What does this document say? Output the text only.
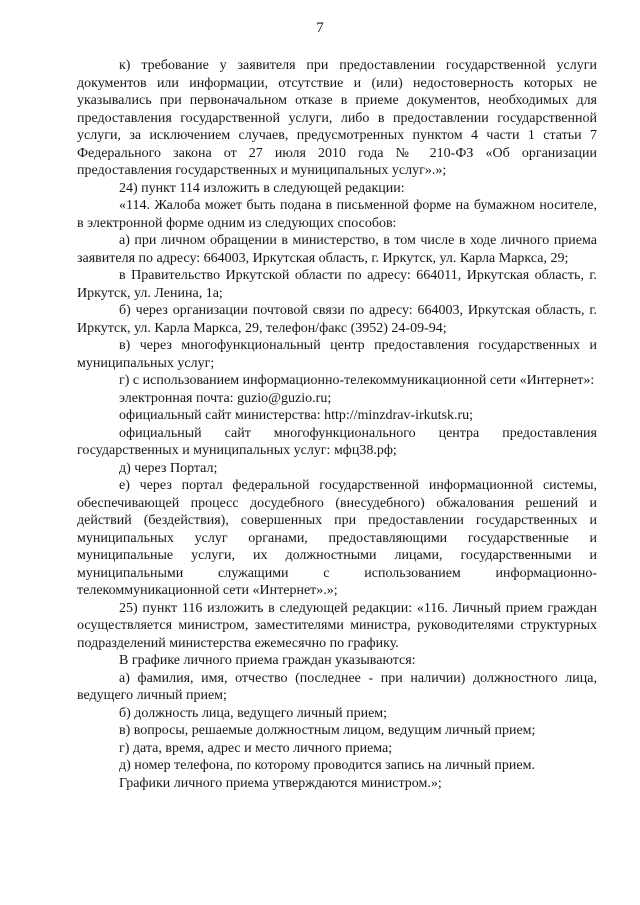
7

к) требование у заявителя при предоставлении государственной услуги документов или информации, отсутствие и (или) недостоверность которых не указывались при первоначальном отказе в приеме документов, необходимых для предоставления государственной услуги, либо в предоставлении государственной услуги, за исключением случаев, предусмотренных пунктом 4 части 1 статьи 7 Федерального закона от 27 июля 2010 года № 210-ФЗ «Об организации предоставления государственных и муниципальных услуг».»;

24) пункт 114 изложить в следующей редакции:

«114. Жалоба может быть подана в письменной форме на бумажном носителе, в электронной форме одним из следующих способов:

а) при личном обращении в министерство, в том числе в ходе личного приема заявителя по адресу: 664003, Иркутская область, г. Иркутск, ул. Карла Маркса, 29;

в Правительство Иркутской области по адресу: 664011, Иркутская область, г. Иркутск, ул. Ленина, 1а;

б) через организации почтовой связи по адресу: 664003, Иркутская область, г. Иркутск, ул. Карла Маркса, 29, телефон/факс (3952) 24-09-94;

в) через многофункциональный центр предоставления государственных и муниципальных услуг;

г) с использованием информационно-телекоммуникационной сети «Интернет»:

электронная почта: guzio@guzio.ru;

официальный сайт министерства: http://minzdrav-irkutsk.ru;

официальный сайт многофункционального центра предоставления государственных и муниципальных услуг: мфц38.рф;

д) через Портал;

е) через портал федеральной государственной информационной системы, обеспечивающей процесс досудебного (внесудебного) обжалования решений и действий (бездействия), совершенных при предоставлении государственных и муниципальных услуг органами, предоставляющими государственные и муниципальные услуги, их должностными лицами, государственными и муниципальными служащими с использованием информационно-телекоммуникационной сети «Интернет».»;

25) пункт 116 изложить в следующей редакции: «116. Личный прием граждан осуществляется министром, заместителями министра, руководителями структурных подразделений министерства ежемесячно по графику.

В графике личного приема граждан указываются:

а) фамилия, имя, отчество (последнее - при наличии) должностного лица, ведущего личный прием;

б) должность лица, ведущего личный прием;

в) вопросы, решаемые должностным лицом, ведущим личный прием;

г) дата, время, адрес и место личного приема;

д) номер телефона, по которому проводится запись на личный прием.

Графики личного приема утверждаются министром.»;
